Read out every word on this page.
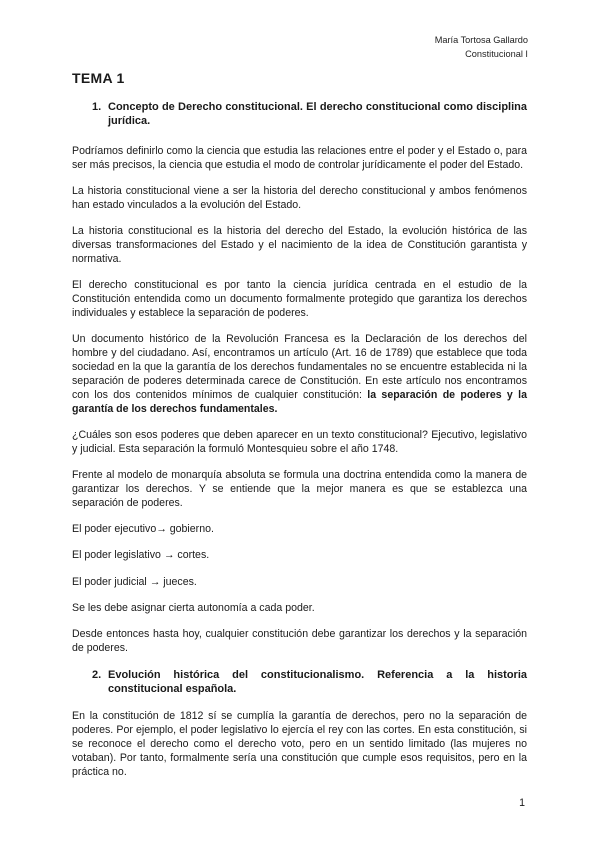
María Tortosa Gallardo
Constitucional I
TEMA 1
1. Concepto de Derecho constitucional. El derecho constitucional como disciplina jurídica.

Podríamos definirlo como la ciencia que estudia las relaciones entre el poder y el Estado o, para ser más precisos, la ciencia que estudia el modo de controlar jurídicamente el poder del Estado.

La historia constitucional viene a ser la historia del derecho constitucional y ambos fenómenos han estado vinculados a la evolución del Estado.

La historia constitucional es la historia del derecho del Estado, la evolución histórica de las diversas transformaciones del Estado y el nacimiento de la idea de Constitución garantista y normativa.

El derecho constitucional es por tanto la ciencia jurídica centrada en el estudio de la Constitución entendida como un documento formalmente protegido que garantiza los derechos individuales y establece la separación de poderes.

Un documento histórico de la Revolución Francesa es la Declaración de los derechos del hombre y del ciudadano. Así, encontramos un artículo (Art. 16 de 1789) que establece que toda sociedad en la que la garantía de los derechos fundamentales no se encuentre establecida ni la separación de poderes determinada carece de Constitución. En este artículo nos encontramos con los dos contenidos mínimos de cualquier constitución: la separación de poderes y la garantía de los derechos fundamentales.

¿Cuáles son esos poderes que deben aparecer en un texto constitucional? Ejecutivo, legislativo y judicial. Esta separación la formuló Montesquieu sobre el año 1748.

Frente al modelo de monarquía absoluta se formula una doctrina entendida como la manera de garantizar los derechos. Y se entiende que la mejor manera es que se establezca una separación de poderes.

El poder ejecutivo→ gobierno.

El poder legislativo → cortes.

El poder judicial → jueces.

Se les debe asignar cierta autonomía a cada poder.

Desde entonces hasta hoy, cualquier constitución debe garantizar los derechos y la separación de poderes.

2. Evolución histórica del constitucionalismo. Referencia a la historia constitucional española.

En la constitución de 1812 sí se cumplía la garantía de derechos, pero no la separación de poderes. Por ejemplo, el poder legislativo lo ejercía el rey con las cortes. En esta constitución, si se reconoce el derecho como el derecho voto, pero en un sentido limitado (las mujeres no votaban). Por tanto, formalmente sería una constitución que cumple esos requisitos, pero en la práctica no.

1
